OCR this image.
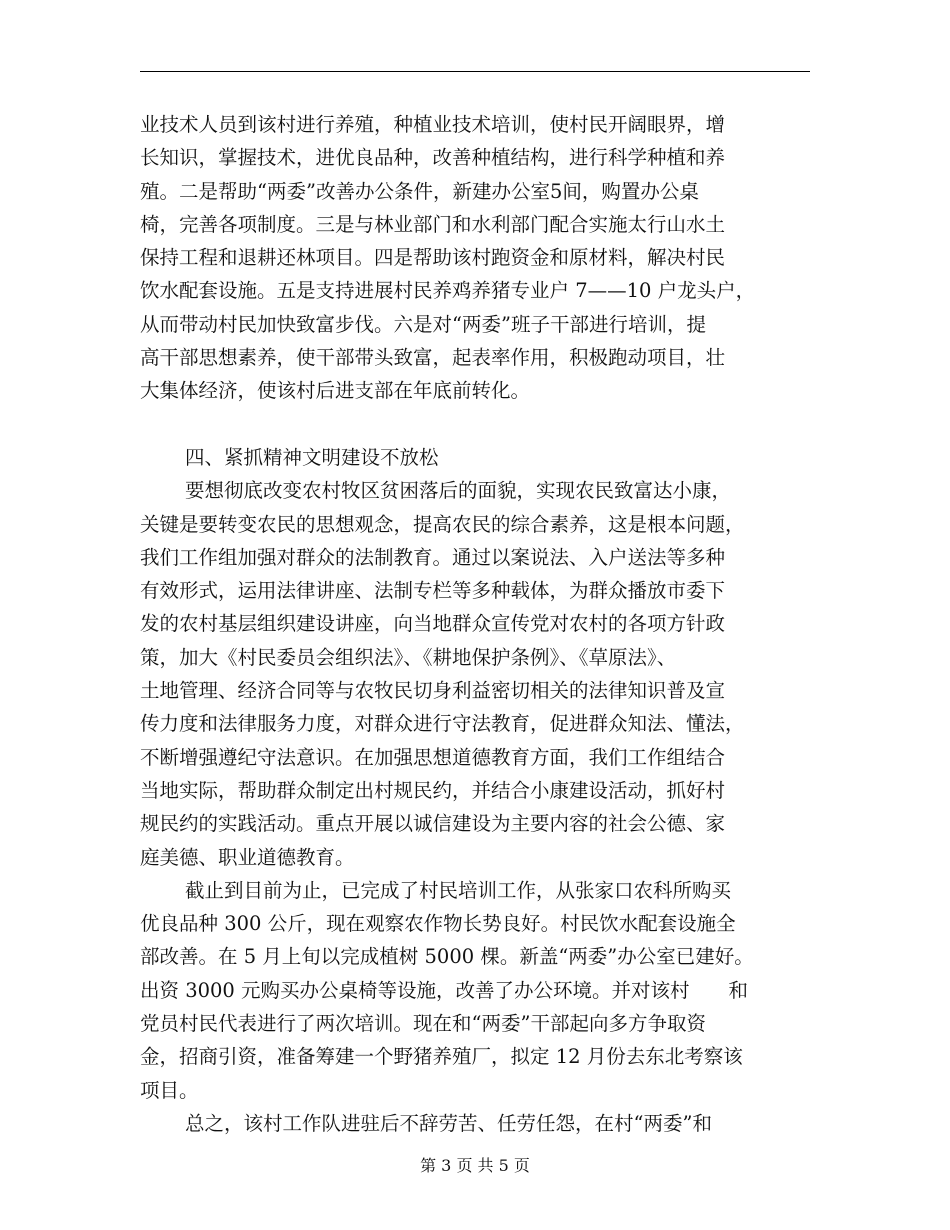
业技术人员到该村进行养殖，种植业技术培训，使村民开阔眼界，增
长知识，掌握技术，进优良品种，改善种植结构，进行科学种植和养
殖。二是帮助“两委”改善办公条件，新建办公室5间，购置办公桌
椅，完善各项制度。三是与林业部门和水利部门配合实施太行山水土
保持工程和退耕还林项目。四是帮助该村跑资金和原材料，解决村民
饮水配套设施。五是支持进展村民养鸡养猪专业户 7——10 户龙头户，
从而带动村民加快致富步伐。六是对“两委”班子干部进行培训，提
高干部思想素养，使干部带头致富，起表率作用，积极跑动项目，壮
大集体经济，使该村后进支部在年底前转化。
四、紧抓精神文明建设不放松
要想彻底改变农村牧区贫困落后的面貌，实现农民致富达小康，
关键是要转变农民的思想观念，提高农民的综合素养，这是根本问题，
我们工作组加强对群众的法制教育。通过以案说法、入户送法等多种
有效形式，运用法律讲座、法制专栏等多种载体，为群众播放市委下
发的农村基层组织建设讲座，向当地群众宣传党对农村的各项方针政
策，加大《村民委员会组织法》、《耕地保护条例》、《草原法》、
土地管理、经济合同等与农牧民切身利益密切相关的法律知识普及宣
传力度和法律服务力度，对群众进行守法教育，促进群众知法、懂法，
不断增强遵纪守法意识。在加强思想道德教育方面，我们工作组结合
当地实际，帮助群众制定出村规民约，并结合小康建设活动，抓好村
规民约的实践活动。重点开展以诚信建设为主要内容的社会公德、家
庭美德、职业道德教育。
截止到目前为止，已完成了村民培训工作，从张家口农科所购买
优良品种 300 公斤，现在观察农作物长势良好。村民饮水配套设施全
部改善。在 5 月上旬以完成植树 5000 棵。新盖“两委”办公室已建好。
出资 3000 元购买办公桌椅等设施，改善了办公环境。并对该村　　和
党员村民代表进行了两次培训。现在和“两委”干部起向多方争取资
金，招商引资，准备筹建一个野猪养殖厂，拟定 12 月份去东北考察该
项目。
总之，该村工作队进驻后不辞劳苦、任劳任怨，在村“两委”和
第 3 页 共 5 页
